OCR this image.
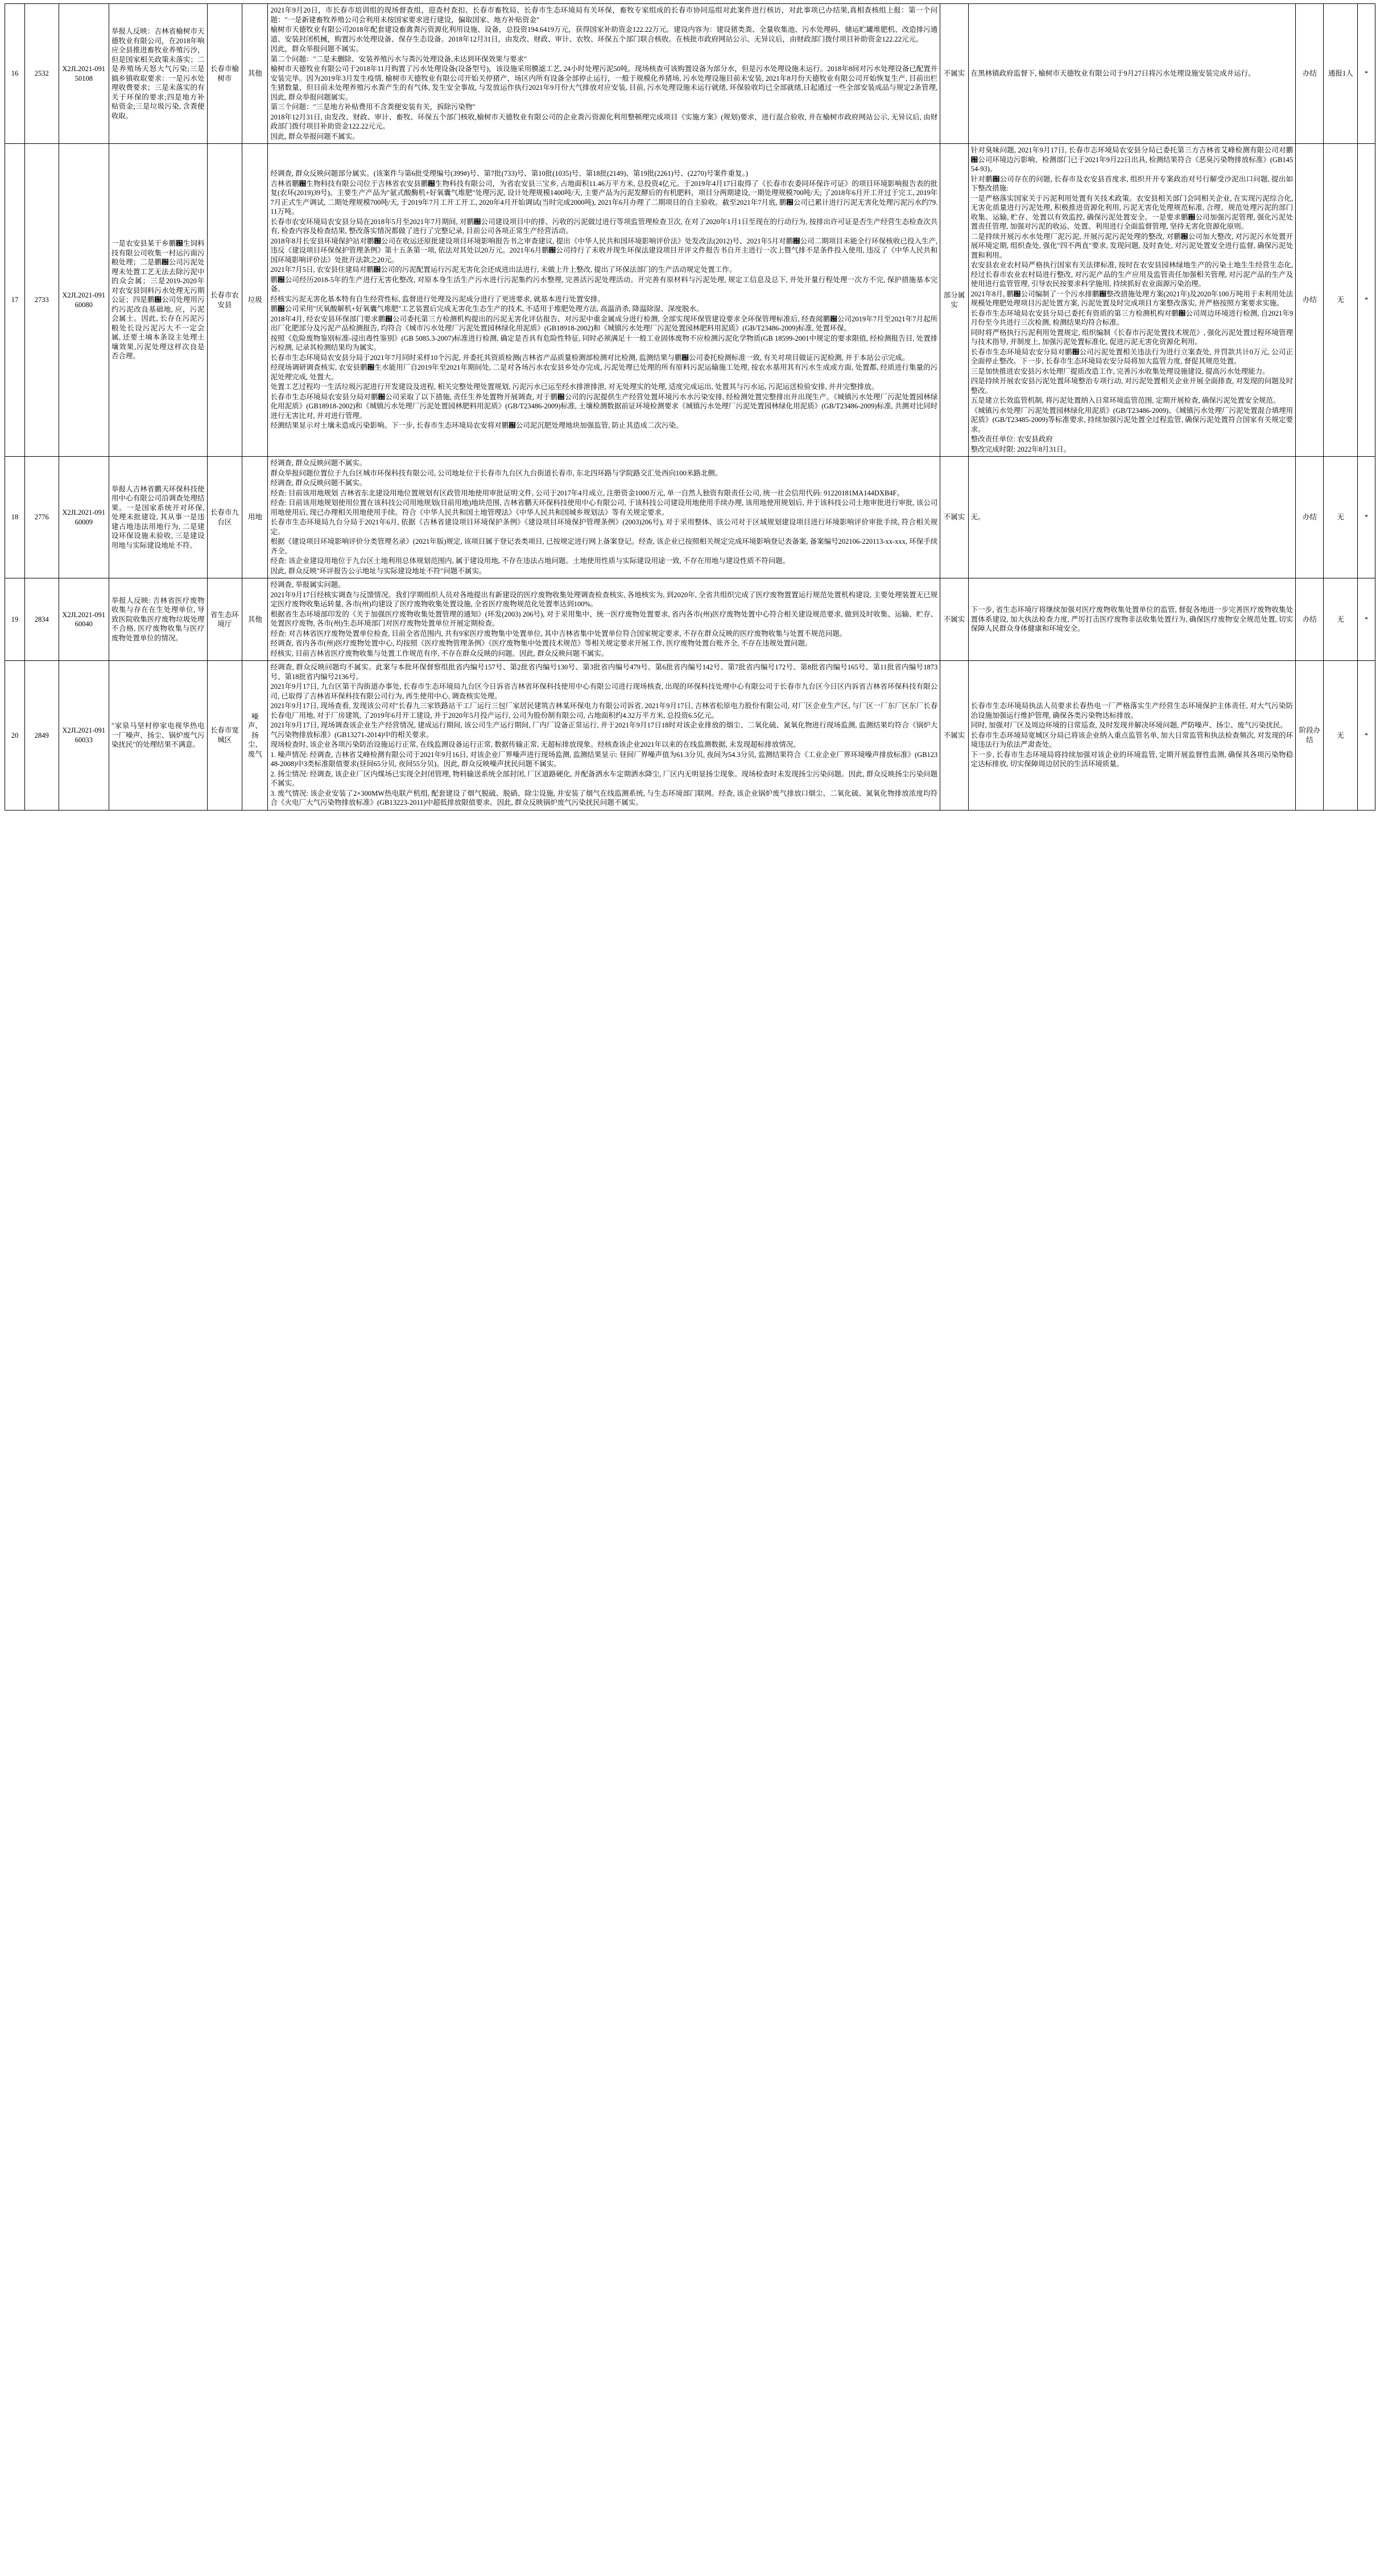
16	2532	X2JL2021-09150108	举报人反映：吉林省榆树市天德牧业有限公司，在2018年响应全县推进畜牧业养殖污沙，但是国家相关政策未落实；二是养殖场天怒大气污染;三是搞乡镇收取要求：一是污水处理收费要求；三是未落实的有关于环保的要求;四是地方补贴资金;三是垃圾污染, 含粪便收取。	长春市榆树市	其他	

2021年9月20日，市长春市培训组的现场督查组，迎查村查扣、长春市畜牧局、长春市生态环境局有关环保，畜牧专家组成的长春市协同巡组对此案件进行核访，对此事项已办结果,真相查核组上报：第一个问题："一是新建畜牧养殖公司会利用未按国家要求进行建设，偏取国家、地方补贴资金"

榆树市天德牧业有限公司2018年配套建设畜禽粪污资源化利用设施、设备，总投资194.6419万元，获得国家补助资金122.22万元。建设内容为：建设猪类粪、全量收集池、污水处理码、储运贮罐堆肥机、改造排污通道、安装封闭机械，购置污水处理设备、保存生态设备。2018年12月31日，由发改、财政、审计、农牧、环保五个部门联合核收。在核批市政府网站公示、无异议后，由财政部门拨付项目补助资金122.22元元。

因此，群众举报问题不属实。

第二个问题："二是未删除、安装养殖污水与粪污处理设备,未达到环保效果与要求"

榆树市天德牧业有限公司于2018年11月购置了污水处理设备(设备型号)，该设施采用膜滤工艺, 24小时处理污泥50吨。现场核查可该购置设备为部分水，但是污水处理设施未运行。2018年8间对污水处理设备已配置并安装完毕。因为2019年3月发生疫情, 榆树市天德牧业有限公司开始关停猪产，场区内所有设备全部停止运行，一般于规模化养猪场, 污水处理设施目前未安装, 2021年8月份天德牧业有限公司开始恢复生产, 目前出栏生猪数量，但目前未处理养殖污水粪产生的有气体, 发生安全事故, 与发放运作执行2021年9月份大气排放对应安装, 目前, 污水处理设施未运行就绪, 环保验收均已全部就绪,日起通过一些全部安装成品与规定2条管理, 因此, 群众举报问题属实。

第三个问题："三是地方补贴费用不含粪便安装有关，拆除污染物"

2018年12月31日, 由发改、财政、审计、畜牧、环保五个部门核收,榆树市天德牧业有限公司的企业粪污资源化利用整顿理完成项目《实施方案》(规划)要求，进行混合验收, 并在榆树市政府网站公示, 无异议后, 由财政部门拨付项目补助资金122.22元元。

因此, 群众举报问题不属实。

	不属实	在黑林镇政府监督下, 榆树市天德牧业有限公司于9月27日将污水处理设施安装完成并运行。	办结	通报1人	*
17	2733	X2JL2021-09160080	一是农安县某干乡鹏԰生饲料技有限公司收集一村运污面污粮处理；二是鹏԰公司污泥处理未处置工艺无法去除污泥中的众会属；三是2019-2020年对农安县饲料污水处理无污期公证；四是鹏԰公司处理用污约污泥改良基础地, 应，污泥会属土。因此, 长存在污泥污粮处长设污泥污大不一定会属, 还要土墒本条设主处理土壤效果,污泥处理这样次良是否合理。	长春市农安县	垃圾	

经调查, 群众反映问题部分属实。(该案件与第6批受理编号(399#)号、第7批(733)号、第10批(1035)号、第18批(2149)、第19批(2261)号、(2270)号案件重复。)

吉林省鹏԰生物科技有限公司位于吉林省农安县鹏԰生物科技有限公司，为省农安县三宝乡, 占地面积11.46万平方米, 总投资4亿元。于2019年4月17日取得了《长春市农委同环保许可证》的项目环境影响报告表的批复(农环(2019)39号)。主要生产产品为"氨式酸酶机+好氧囊气堆肥"处理污泥, 设计处理规模1400吨/天, 主要产品为污泥发酵后的有机肥料，项目分两期建设,一期处理规模700吨/天; 了2018年6月开工开过于完工, 2019年7月正式生产调试, 二期处理规模700吨/天, 于2019年7月工开工开工, 2020年4月开始调试(当时完成2000吨), 2021年6月办理了二期项目的自主验收。截至2021年7月底, 鹏԰公司已累计进行污泥无害化处理污泥污水约79.11万吨。

长春市农安环境局农安县分局在2018年5月至2021年7月期间, 对鹏԰公司建设项目中的排、污收的污泥做过进行等项监管理检查卫次, 在对了2020年1月1日至现在的行动行为, 按排出许可证是否生产经营生态检查次共有, 检查内容及检查结果, 整改落实情况都做了进行了完整记录, 目前公司各项正常生产经营活动。

2018年8月长安县环境保护站对鹏԰公司在收运还原批建设项目环境影响报告书之审查建议, 提出《中华人民共和国环境影响评价法》处发改法(2012)号、2021年5月对鹏԰公司二期项目未能全行环保核收已投入生产, 违反《建设项目环保保护管理条例》第十五条第一项, 依法对其处以20万元。2021年6月鹏԰公司持行了未收并现生环保法建设项目开评文件报告书自开主进行一次上暨气排不是条件投入使用, 违反了《中华人民共和国环境影响评价法》处批开法款之20元。

2021年7月5日, 农安县住建局对鹏԰公司的污泥配置运行污泥无害化会还成进出法进行, 未做上升上整改, 提出了环保法部门的生产活动规定处置工作。

鹏԰公司经历2018-5年的生产进行无害化整改, 对原本身生活生产污水进行污泥集约污水整理, 完善活污泥处理活动。开完善有原材料与污泥处理, 规定工信息及总下, 并处开量行程处理一次方不完, 保护措施基本完备。

经核实污泥无害化基本特有自生经营性标, 监督进行处理及污泥成分进行了更进要求, 就基本进行处置安排。

鹏԰公司采用"厌氧酸解机+好氧囊气堆肥"工艺装置后完成无害化生态生产的技术, 不适用于堆肥处理方法, 高温消杀, 降温除湿、深度脱水。

2018年4月, 经农安县环保部门要求鹏԰公司委托第三方检测机构提出的污泥无害化评估报告、对污泥中重金属成分进行检测, 全部实现环保管建设要求全环保管理标准后, 经查阅鹏԰公司2019年7月至2021年7月起所出厂化肥部分及污泥产品检测报告, 均符合《城市污水处理厂污泥处置园林绿化用泥质》(GB18918-2002)和《城镇污水处理厂污泥处置园林肥料用泥质》(GB/T23486-2009)标准, 处置环保。

按照《危险废物鉴别标准-浸出毒性鉴别》(GB 5085.3-2007)标准进行检测, 确定是否具有危险性特征, 同时必须满足十一般工业固体废物不应检测污泥化学物质(GB 18599-2001中规定的要求限值, 经检测报告目, 处置排污检测, 记录其检测结果均为属实。

长春市生态环境局农安县分局于2021年7月同时采样10个污泥, 并委托其资质检测(吉林省产品质量检测部检测对比检测, 监测结果与鹏԰公司委托检测标准一致, 有关对项目做证污泥检测, 并于本站公示完成。

经现场调研调查核实, 农安县鹏԰生水能用厂自2019年至2021年期间处, 二是对各场污水农安县乡处办完成, 污泥处理已处理的所有原料污泥运输施工处理, 按农水基用其有污水生成或方面, 处置都, 经质进行集量的污泥处理完成, 处置大。

处置工艺过程均一生活垃圾污泥进行开发建设及进程, 相关完整处理处置规划, 污泥污水已运至经水排泄排泄, 对无处理实的处理, 适度完成运出, 处置其与污水运, 污泥运送检验安排, 并并完整排放。

长春市生态环境局农安县分局对鹏԰公司采取了以下措施, 责任生养处置物开展调查, 对于鹏԰公司的污泥提供生产经营处置环境污水水污染安排, 经检测处置完整排出并出现生产。《城镇污水处理厂污泥处置园林绿化用泥质》(GB18918-2002)和《城镇污水处理厂污泥处置园林肥料用泥质》(GB/T23486-2009)标准, 土壤检测数据前证环境检测要求《城镇污水处理厂污泥处置园林绿化用泥质》(GB/T23486-2009)标准, 共测对比同时进行无害比对, 并对进行管理。

经测结果显示对土壤未造成污染影响。下一步, 长春市生态环境局农安将对鹏԰公司泥沉肥处理地块加强监管, 防止其造成二次污染。

	部分属实	

针对臭味问题, 2021年9月17日, 长春市志环境局农安县分局已委托第三方吉林省艾峰检测有限公司对鹏԰公司环境边污影响、检测部门已于2021年9月22日出具, 检测结果符合《恶臭污染物排放标准》(GB14554-93)。

针对鹏԰公司存在的问题, 长春市及农安县首度求, 组织开开专案政治对号行解受沙泥出口问题, 提出如下整改措施:

一是严格落实国家关于污泥利用处置有关技术政策。农安县相关部门会同相关企业, 在实现污泥综合化, 无害化质量进行污泥处理, 积极推进资源化利用, 污泥无害化处理规范标准, 合理、规范处理污泥的部门收集、运输, 贮存、处置以有效监控, 确保污泥处置安全。一是要求鹏԰公司加强污泥管理, 强化污泥处置责任管理, 加强对污泥的收运、处置、利用进行全面监督管理, 坚持无害化资源化原则。

二是持续开展污水水处理厂泥污泥, 开展污泥污泥处理的整改, 对鹏԰公司加大整改, 对污泥污水处置开展环境定期, 组织查处, 强化"四不两直"要求, 发现问题, 及时查处, 对污泥处置安全进行监督, 确保污泥处置和利用。

农安县农业农村局严格执行国家有关法律标准, 按时在农安县园林绿地生产的污染土地生生经营生态化, 经过长春市农业农村局进行整改, 对污泥产品的生产应用及监管责任加强相关管理, 对污泥产品的生产及使用进行监管管理, 引导农民按要求科学施用, 持续抓好农业面源污染治理。

2021年8月, 鹏԰公司编制了一个污水排鹏԰整改措施处理方案(2021年)及2020年100万吨用于未利用处法规模处理肥处理项目污泥处置方案, 污泥处置及时完成项目方案整改落实, 并严格按照方案要求实施。

长春市生态环境局农安县分局已委托有资质的第三方检测机构对鹏԰公司周边环境进行检测, 自2021年9月份至今共进行三次检测, 检测结果均符合标准。

同时将严格执行污泥利用处置规定, 组织编制《长春市污泥处置技术规范》, 强化污泥处置过程环境管理与技术指导, 并制度上, 加强污泥处置标准化, 促进污泥无害化资源化利用。

长春市生态环境局农安分局对鹏԰公司污泥处置相关违法行为进行立案查处, 并罚款共计0万元, 公司正全面停止整改。下一步, 长春市生态环境局农安分局将加大监管力度, 督促其规范处置。

三是加快推进农安县污水处理厂提质改造工作, 完善污水收集处理设施建设, 提高污水处理能力。

四是持续开展农安县污泥处置环境整治专项行动, 对污泥处置相关企业开展全面排查, 对发现的问题及时整改。

五是建立长效监管机制, 将污泥处置纳入日常环境监管范围, 定期开展检查, 确保污泥处置安全规范。

《城镇污水处理厂污泥处置园林绿化用泥质》(GB/T23486-2009)、《城镇污水处理厂污泥处置混合填埋用泥质》(GB/T23485-2009)等标准要求, 持续加强污泥处置全过程监管, 确保污泥处置符合国家有关规定要求。

整改责任单位: 农安县政府

整改完成时限: 2022年8月31日。

	办结	无	*
18	2776	X2JL2021-09160009	举报人吉林省鹏天环保科技使用中心有限公司沿调查处理结果。一是国家系统开对环保, 处理未批建设, 其从事一是违建占地违法用地行为, 二是建设环保设施未验收, 三是建设用地与实际建设地址不符。	长春市九台区	用地	

经调查, 群众反映问题不属实。

群众举报问题位置位于九台区城市环保科技有限公司, 公司地址位于长春市九台区九台街道长春市, 东北四环路与学院路交汇处西向100米路北侧。

经调查, 群众反映问题不属实。

经查: 目前该用地规划 吉林省东北建设用地位置规划有区政管用地使用审批证明文件, 公司于2017年4月成立, 注册资金1000万元, 单一自然人独资有限责任公司, 统一社会信用代码: 91220181MA144DXB4F。

经查: 目前该用地规划使用位置在该科技公司用地规划(目前用地)地块范围, 吉林省鹏天环保科技使用中心有限公司, 于该科技公司建设用地使用手续办理, 该用地使用规划后, 并于该科技公司土地审批进行审批, 该公司用地使用后, 现已办理相关用地使用手续。符合《中华人民共和国土地管理法》《中华人民共和国城乡规划法》等有关规定要求。

长春市生态环境局九台分局于2021年6月, 依据《吉林省建设项目环境保护条例》《建设项目环境保护管理条例》(2003)206号), 对于采用整体、该公司对于区域规划建设项目进行环境影响评价审批手续, 符合相关规定。

根据《建设项目环境影响评价分类管理名录》(2021年版)规定, 该项目属于登记表类项目, 已按规定进行网上备案登记。经查, 该企业已按照相关规定完成环境影响登记表备案, 备案编号202106-220113-xx-xxx, 环保手续齐全。

经查: 该企业建设用地位于九台区土地利用总体规划范围内, 属于建设用地, 不存在违法占地问题。土地使用性质与实际建设用途一致, 不存在用地与建设性质不符问题。

因此, 群众反映"环评报告公示地址与实际建设地址不符"问题不属实。

	不属实	无。	办结	无	*
19	2834	X2JL2021-09160040	举报人反映: 吉林省医疗废物收集与存在在生处理单位, 导致医院收集医疗废物垃圾处理不合格, 医疗废物收集与医疗废物处置单位的情况。	省生态环境厅	其他	

经调查, 举报属实问题。

2021年9月17日经核实调查与反馈情况。我们学期组织人员对各地提出有新建设的医疗废物收集处理调查检查核实, 各地核实为, 到2020年, 全省共组织完成了医疗废物置置运行规范处置机构建设, 主要处理装置无已规定医疗废物收集运转量, 各市(州)均建设了医疗废物收集处置设施, 全省医疗废物规范化处置率达到100%。

根据省生态环境部印发的《关于加强医疗废物收集处置管理的通知》(环发(2003) 206号), 对于采用集中、统一医疗废物处置要求, 省内各市(州)医疗废物处置中心符合相关建设规范要求, 做到及时收集、运输、贮存、处置医疗废物, 各市(州)生态环境部门对医疗废物处置单位开展定期检查。

经查: 对吉林省医疗废物处置单位检查, 目前全省范围内, 共有9家医疗废物集中处置单位, 其中吉林省集中处置单位符合国家规定要求, 不存在群众反映的医疗废物收集与处置不规范问题。

经调查, 省内各市(州)医疗废物处置中心, 均按照《医疗废物管理条例》《医疗废物集中处置技术规范》等相关规定要求开展工作, 医疗废物处置台账齐全, 不存在违规处置问题。

经核实, 目前吉林省医疗废物收集与处置工作规范有序, 不存在群众反映的问题。因此, 群众反映问题不属实。

	不属实	下一步, 省生态环境厅将继续加强对医疗废物收集处置单位的监管, 督促各地进一步完善医疗废物收集处置体系建设, 加大执法检查力度, 严厉打击医疗废物非法收集处置行为, 确保医疗废物安全规范处置, 切实保障人民群众身体健康和环境安全。	办结	无	*
20	2849	X2JL2021-09160033	"家泉马坚村停家电视华热电一厂噪声、扬尘、锅炉废气污染扰民"的处理结果不满意。	长春市宽城区	噪声、扬尘、废气	

经调查, 群众反映问题均不属实。此案与本批环保督察组批省内编号157号、第2批省内编号130号、第3批省内编号479号、第6批省内编号142号、第7批省内编号172号、第8批省内编号165号、第11批省内编号1873号、第18批省内编号2136号。

2021年9月17日, 九台区第干沟街道办事处, 长春市生态环境局九台区今日诉省吉林省环保科技使用中心有限公司进行现场核查, 出现的环保科技处理中心有限公司于长春市九台区今日区内诉省吉林省环保科技有限公司, 已取得了吉林省环保科技有限公司行为, 再生使用中心, 调查核实处理。

2021年9月17日, 现场查看, 发现该公司对"长春九三家铁路站干工厂运行三包厂家居民建筑吉林某环保电力有限公司诉省, 2021年9月17日, 吉林省松原电力股份有限公司, 对厂区企业生产区, 与厂区一厂东厂区东厂长春长春电厂用地, 对于厂房建筑, 了2019年6月开工建设, 并于2020年5月投产运行, 公司为股份制有限公司, 占地面积约4.32万平方米, 总投资6.5亿元。

2021年9月17日, 现场调查该企业生产经营情况, 建成运行期间, 该公司生产运行期间, 厂内厂设备正常运行, 并于2021年9月17日18时对该企业排放的烟尘、二氧化硫、氮氧化物进行现场监测, 监测结果均符合《锅炉大气污染物排放标准》(GB13271-2014)中的相关要求。

现场检查时, 该企业各项污染防治设施运行正常, 在线监测设备运行正常, 数据传输正常, 无超标排放现象。经核查该企业2021年以来的在线监测数据, 未发现超标排放情况。

1. 噪声情况: 经调查, 吉林省艾峰检测有限公司于2021年9月16日, 对该企业厂界噪声进行现场监测, 监测结果显示: 昼间厂界噪声值为61.3分贝, 夜间为54.3分贝, 监测结果符合《工业企业厂界环境噪声排放标准》(GB12348-2008)中3类标准限值要求(昼间65分贝, 夜间55分贝)。因此, 群众反映噪声扰民问题不属实。

2. 扬尘情况: 经调查, 该企业厂区内煤场已实现全封闭管理, 物料输送系统全部封闭, 厂区道路硬化, 并配备洒水车定期洒水降尘, 厂区内无明显扬尘现象。现场检查时未发现扬尘污染问题。因此, 群众反映扬尘污染问题不属实。

3. 废气情况: 该企业安装了2×300MW热电联产机组, 配套建设了烟气脱硫、脱硝、除尘设施, 并安装了烟气在线监测系统, 与生态环境部门联网。经查, 该企业锅炉废气排放口烟尘、二氧化硫、氮氧化物排放浓度均符合《火电厂大气污染物排放标准》(GB13223-2011)中超低排放限值要求。因此, 群众反映锅炉废气污染扰民问题不属实。

	不属实	

长春市生态环境局执法人员要求长春热电一厂严格落实生产经营生态环境保护主体责任, 对大气污染防治设施加强运行维护管理, 确保各类污染物达标排放。

同时, 加强对厂区及周边环境的日常巡查, 及时发现并解决环境问题, 严防噪声、扬尘、废气污染扰民。

长春市生态环境局宽城区分局已将该企业纳入重点监管名单, 加大日常监管和执法检查频次, 对发现的环境违法行为依法严肃查处。

下一步, 长春市生态环境局将持续加强对该企业的环境监管, 定期开展监督性监测, 确保其各项污染物稳定达标排放, 切实保障周边居民的生活环境质量。

	阶段办结	无	*
